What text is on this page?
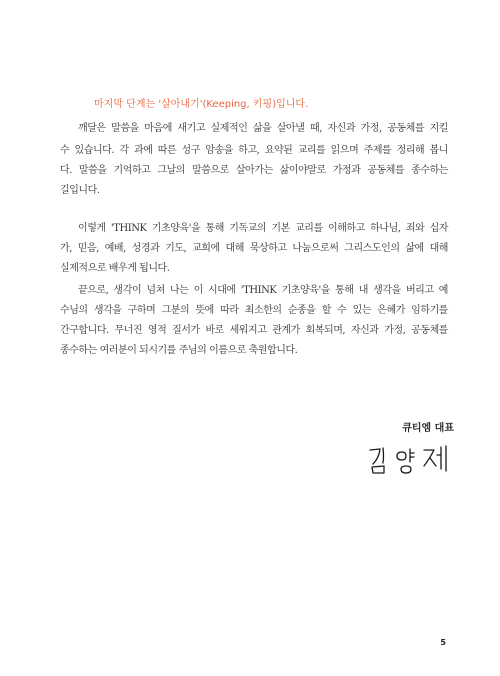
마지막 단계는 '살아내기'(Keeping, 키핑)입니다.
깨달은 말씀을 마음에 새기고 실제적인 삶을 살아낼 때, 자신과 가정, 공동체를 지킬
수 있습니다. 각 과에 따른 성구 암송을 하고, 요약된 교리를 읽으며 주제를 정리해 봅니
다. 말씀을 기억하고 그날의 말씀으로 살아가는 삶이야말로 가정과 공동체를 종수하는
길입니다.
이렇게 'THINK 기초양육'을 통해 기독교의 기본 교리를 이해하고 하나님, 죄와 십자
가, 믿음, 예배, 성경과 기도, 교회에 대해 묵상하고 나눔으로써 그리스도인의 삶에 대해
실제적으로 배우게 됩니다.
끝으로, 생각이 넘쳐 나는 이 시대에 'THINK 기초양육'을 통해 내 생각을 버리고 예
수님의 생각을 구하며 그분의 뜻에 따라 최소한의 순종을 할 수 있는 은혜가 임하기를
간구합니다. 무너진 영적 질서가 바로 세워지고 관계가 회복되며, 자신과 가정, 공동체를
종수하는 여러분이 되시기를 주님의 이름으로 축원합니다.
큐티엠 대표
5
